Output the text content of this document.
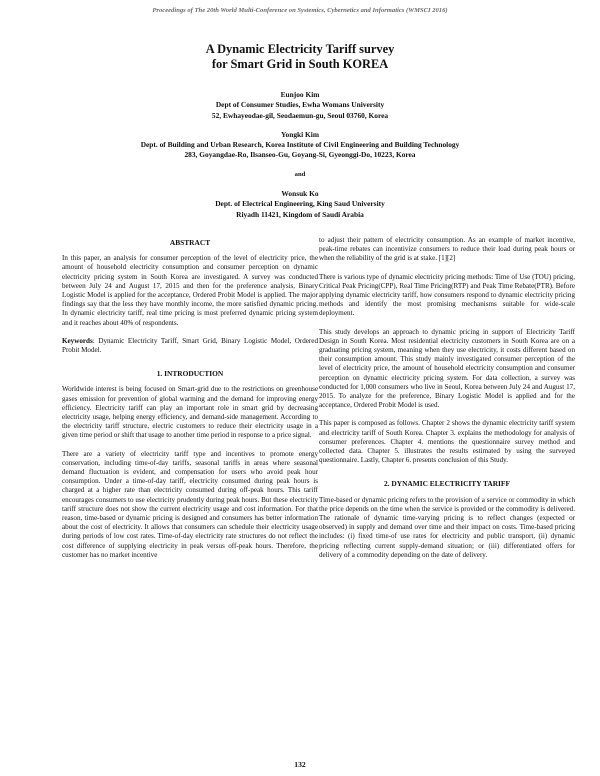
Proceedings of The 20th World Multi-Conference on Systemics, Cybernetics and Informatics (WMSCI 2016)
A Dynamic Electricity Tariff survey
for Smart Grid in South KOREA
Eunjoo Kim
Dept of Consumer Studies, Ewha Womans University
52, Ewhayeodae-gil, Seodaemun-gu, Seoul 03760, Korea
Yongki Kim
Dept. of Building and Urban Research, Korea Institute of Civil Engineering and Building Technology
283, Goyangdae-Ro, Ilsanseo-Gu, Goyang-Si, Gyeonggi-Do, 10223, Korea
and
Wonsuk Ko
Dept. of Electrical Engineering, King Saud University
Riyadh 11421, Kingdom of Saudi Arabia
ABSTRACT

In this paper, an analysis for consumer perception of the level of electricity price, the amount of household electricity consumption and consumer perception on dynamic electricity pricing system in South Korea are investigated. A survey was conducted between July 24 and August 17, 2015 and then for the preference analysis, Binary Logistic Model is applied for the acceptance, Ordered Probit Model is applied. The major findings say that the less they have monthly income, the more satisfied dynamic pricing. In dynamic electricity tariff, real time pricing is most preferred dynamic pricing system and it reaches about 40% of respondents.

Keywords: Dynamic Electricity Tariff, Smart Grid, Binary Logistic Model, Ordered Probit Model.

1. INTRODUCTION

Worldwide interest is being focused on Smart-grid due to the restrictions on greenhouse gases emission for prevention of global warming and the demand for improving energy efficiency. Electricity tariff can play an important role in smart grid by decreasing electricity usage, helping energy efficiency, and demand-side management. According to the electricity tariff structure, electric customers to reduce their electricity usage in a given time period or shift that usage to another time period in response to a price signal.

There are a variety of electricity tariff type and incentives to promote energy conservation, including time-of-day tariffs, seasonal tariffs in areas where seasonal demand fluctuation is evident, and compensation for users who avoid peak hour consumption. Under a time-of-day tariff, electricity consumed during peak hours is charged at a higher rate than electricity consumed during off-peak hours. This tariff encourages consumers to use electricity prudently during peak hours. But these electricity tariff structure does not show the current electricity usage and cost information. For that reason, time-based or dynamic pricing is designed and consumers has better information about the cost of electricity. It allows that consumers can schedule their electricity usage during periods of low cost rates. Time-of-day electricity rate structures do not reflect the cost difference of supplying electricity in peak versus off-peak hours. Therefore, the customer has no market incentive

to adjust their pattern of electricity consumption. As an example of market incentive, peak-time rebates can incentivize consumers to reduce their load during peak hours or when the reliability of the grid is at stake. [1][2]

There is various type of dynamic electricity pricing methods: Time of Use (TOU) pricing, Critical Peak Pricing(CPP), Real Time Pricing(RTP) and Peak Time Rebate(PTR). Before applying dynamic electricity tariff, how consumers respond to dynamic electricity pricing methods and identify the most promising mechanisms suitable for wide-scale deployment.

This study develops an approach to dynamic pricing in support of Electricity Tariff Design in South Korea. Most residential electricity customers in South Korea are on a graduating pricing system, meaning when they use electricity, it costs different based on their consumption amount. This study mainly investigated consumer perception of the level of electricity price, the amount of household electricity consumption and consumer perception on dynamic electricity pricing system. For data collection, a survey was conducted for 1,000 consumers who live in Seoul, Korea between July 24 and August 17, 2015. To analyze for the preference, Binary Logistic Model is applied and for the acceptance, Ordered Probit Model is used.

This paper is composed as follows. Chapter 2 shows the dynamic electricity tariff system and electricity tariff of South Korea. Chapter 3. explains the methodology for analysis of consumer preferences. Chapter 4. mentions the questionnaire survey method and collected data. Chapter 5. illustrates the results estimated by using the surveyed questionnaire. Lastly, Chapter 6. presents conclusion of this Study.

2. DYNAMIC ELECTRICITY TARIFF

Time-based or dynamic pricing refers to the provision of a service or commodity in which the price depends on the time when the service is provided or the commodity is delivered. The rationale of dynamic time-varying pricing is to reflect changes (expected or observed) in supply and demand over time and their impact on costs. Time-based pricing includes: (i) fixed time-of use rates for electricity and public transport, (ii) dynamic pricing reflecting current supply-demand situation; or (iii) differentiated offers for delivery of a commodity depending on the date of delivery.

132
